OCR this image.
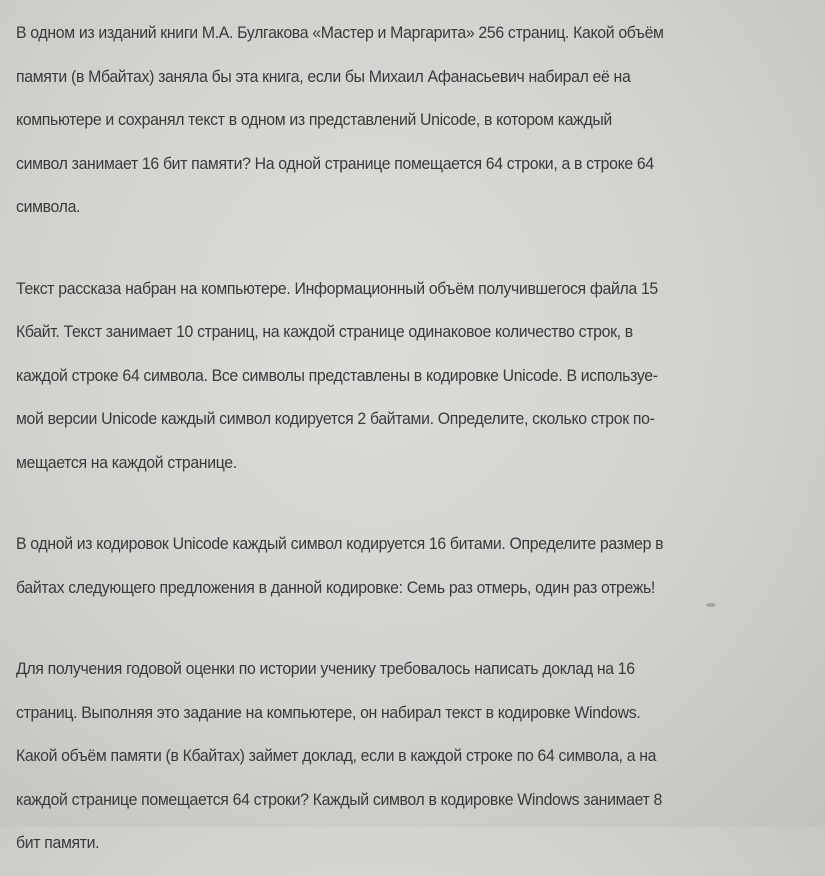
В одном из изданий книги М.А. Булгакова «Мастер и Маргарита» 256 страниц. Какой объём
памяти (в Мбайтах) заняла бы эта книга, если бы Михаил Афанасьевич набирал её на
компьютере и сохранял текст в одном из представлений Unicode, в котором каждый
символ занимает 16 бит памяти? На одной странице помещается 64 строки, а в строке 64
символа.
Текст рассказа набран на компьютере. Информационный объём получившегося файла 15
Кбайт. Текст занимает 10 страниц, на каждой странице одинаковое количество строк, в
каждой строке 64 символа. Все символы представлены в кодировке Unicode. В используе-
мой версии Unicode каждый символ кодируется 2 байтами. Определите, сколько строк по-
мещается на каждой странице.
В одной из кодировок Unicode каждый символ кодируется 16 битами. Определите размер в
байтах следующего предложения в данной кодировке: Семь раз отмерь, один раз отрежь!
Для получения годовой оценки по истории ученику требовалось написать доклад на 16
страниц. Выполняя это задание на компьютере, он набирал текст в кодировке Windows.
Какой объём памяти (в Кбайтах) займет доклад, если в каждой строке по 64 символа, а на
каждой странице помещается 64 строки? Каждый символ в кодировке Windows занимает 8
бит памяти.
